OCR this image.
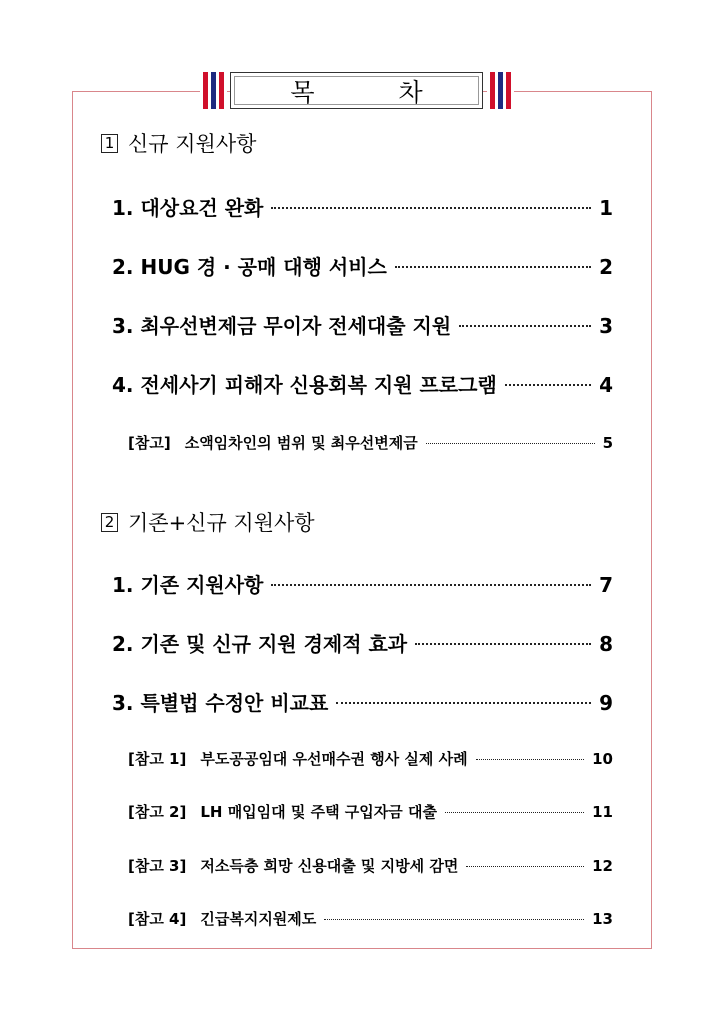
목 차
1 신규 지원사항
1. 대상요건 완화	1
2. HUG 경 · 공매 대행 서비스	2
3. 최우선변제금 무이자 전세대출 지원	3
4. 전세사기 피해자 신용회복 지원 프로그램	4
[참고] 소액임차인의 범위 및 최우선변제금	5
2 기존+신규 지원사항
1. 기존 지원사항	7
2. 기존 및 신규 지원 경제적 효과	8
3. 특별법 수정안 비교표	9
[참고 1] 부도공공임대 우선매수권 행사 실제 사례	10
[참고 2] LH 매입임대 및 주택 구입자금 대출	11
[참고 3] 저소득층 희망 신용대출 및 지방세 감면	12
[참고 4] 긴급복지지원제도	13
